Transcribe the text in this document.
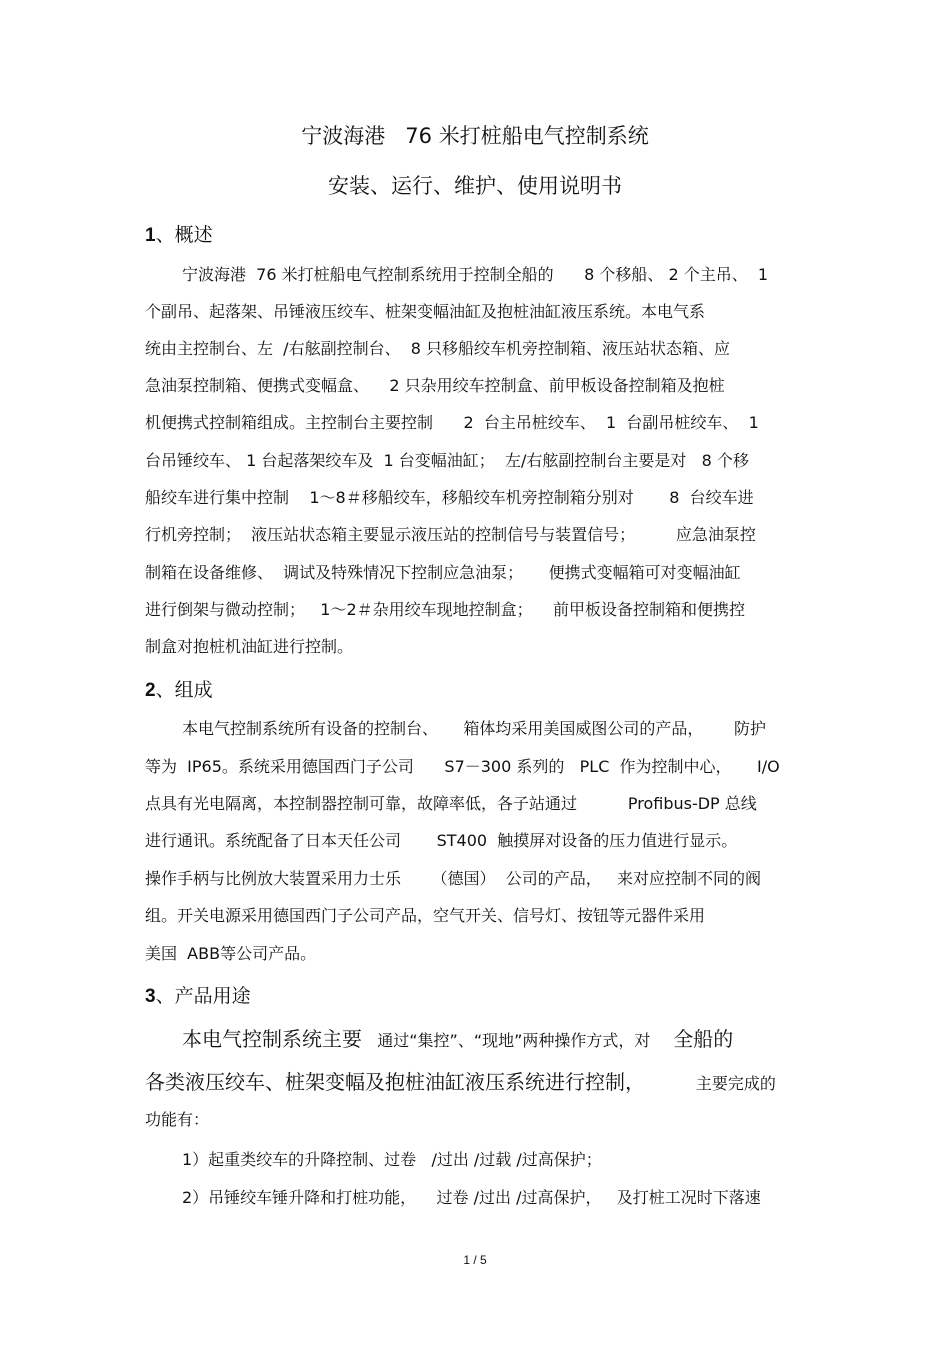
宁波海港   76 米打桩船电气控制系统
安装、运行、维护、使用说明书
1、概述
宁波海港  76 米打桩船电气控制系统用于控制全船的      8 个移船、 2 个主吊、  1
个副吊、起落架、吊锤液压绞车、桩架变幅油缸及抱桩油缸液压系统。本电气系
统由主控制台、左  /右舷副控制台、  8 只移船绞车机旁控制箱、液压站状态箱、应
急油泵控制箱、便携式变幅盒、    2 只杂用绞车控制盒、前甲板设备控制箱及抱桩
机便携式控制箱组成。主控制台主要控制      2  台主吊桩绞车、  1  台副吊桩绞车、  1
台吊锤绞车、 1 台起落架绞车及  1 台变幅油缸；  左/右舷副控制台主要是对   8 个移
船绞车进行集中控制    1～8＃移船绞车，移船绞车机旁控制箱分别对       8  台绞车进
行机旁控制；  液压站状态箱主要显示液压站的控制信号与装置信号；        应急油泵控
制箱在设备维修、  调试及特殊情况下控制应急油泵；     便携式变幅箱可对变幅油缸
进行倒架与微动控制；   1～2＃杂用绞车现地控制盒；    前甲板设备控制箱和便携控
制盒对抱桩机油缸进行控制。
2、组成
本电气控制系统所有设备的控制台、     箱体均采用美国威图公司的产品，      防护
等为  IP65。系统采用德国西门子公司      S7－300 系列的   PLC  作为控制中心，     I/O
点具有光电隔离，本控制器控制可靠，故障率低，各子站通过          Profibus-DP 总线
进行通讯。系统配备了日本天任公司       ST400  触摸屏对设备的压力值进行显示。
操作手柄与比例放大装置采用力士乐      （德国）  公司的产品，   来对应控制不同的阀
组。开关电源采用德国西门子公司产品，空气开关、信号灯、按钮等元器件采用
美国  ABB等公司产品。
3、产品用途
本电气控制系统主要   通过“集控”、“现地”两种操作方式，对    全船的
各类液压绞车、桩架变幅及抱桩油缸液压系统进行控制，          主要完成的
功能有：
1）起重类绞车的升降控制、过卷   /过出 /过载 /过高保护；
2）吊锤绞车锤升降和打桩功能，    过卷 /过出 /过高保护，   及打桩工况时下落速
1 / 5
